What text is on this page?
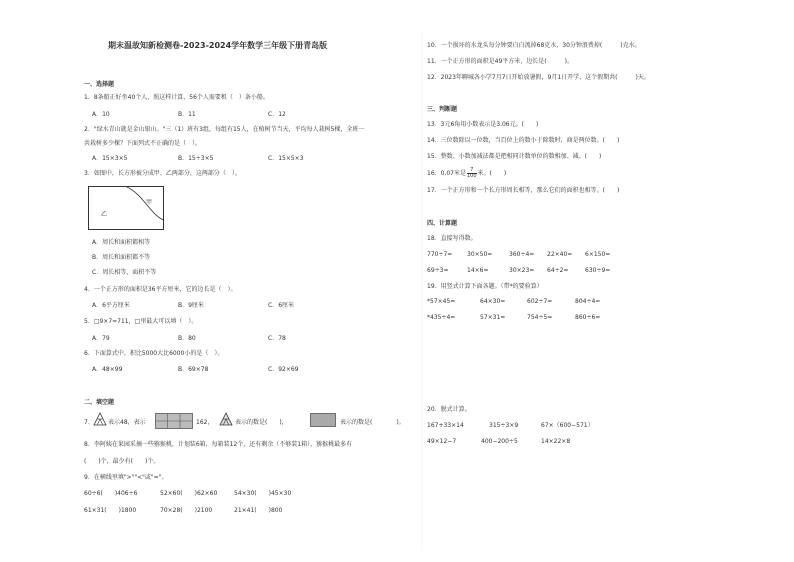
期末温故知新检测卷-2023-2024学年数学三年级下册青岛版
一、选择题
1．8条船正好坐40个人，照这样计算，56个人需要租（　）条小船。
A．10	B．11	C．12
2．"绿水青山就是金山银山。"三（1）班有3组，每组有15人，在植树节当天，平均每人栽树5棵，全班一
共栽树多少棵？下面列式不正确的是（　）。
A．15×3×5	B．15÷3×5	C．15×5×3
3．如图中，长方形被分成甲、乙两部分，这两部分（　）。
乙
甲
A．周长和面积都相等
B．周长和面积都不等
C．周长相等，面积不等
4．一个正方形的面积是36平方厘米，它的边长是（　）。
A．6平方厘米	B．9厘米	C．6厘米
5．□9×7≈711，□里最大可以填（　）。
A．79	B．80	C．78
6．下面算式中，积比5000大比6000小的是（　）。
A．48×99	B．69×78	C．92×69
二、填空题
7． 表示48，表示	162，	表示的数是(　　)，	表示的数是(　　　　)。
8．李阿姨在果园采摘一些猕猴桃，计划装6箱，每箱装12个，还有剩余（不够装1箱），猕猴桃最多有
(　　)个，最少有(　　)个。
9．在横线里填">""<"或"="。
60÷6(　　)406÷6	52×60(　　)62×60	54×30(　　)45×30
61×31(　　)1800	70×28(　　)2100	21×41(　　)800
10．一个损坏的水龙头每分钟要白白流掉68克水，30分钟浪费掉(　　　)克水。
11．一个正方形的面积是49平方米，边长是(　　　)。
12．2023年聊城各小学7月7日开始放暑假，9月1日开学，这个假期共(　　　)天。
三、判断题
13．3元6角用小数表示是3.06元。(　　)
14．三位数除以一位数，当百位上的数小于除数时，商是两位数。(　　)
15．整数、小数加减法都是把相同计数单位的数相加、减。(　　)
16．0.07米是 $\frac{7}{100}$ 米。(　　)
17．一个正方形和一个长方形周长相等，那么它们的面积也相等。(　　)
四、计算题
18．直接写得数。
770÷7= 30×50=	360÷4= 22×40= 6×150=
69÷3=	14×6=	30×23= 64÷2=	630÷9=
19．用竖式计算下面各题。（带*的要验算）
*57×45=	64×30=	602÷7=	804÷4=
*435÷4=	57×31=	754÷5=	860÷6=
20．脱式计算。
167+33×14	315÷3×9	67×（600−571）
49×12−7	400−200÷5	14×22×8
